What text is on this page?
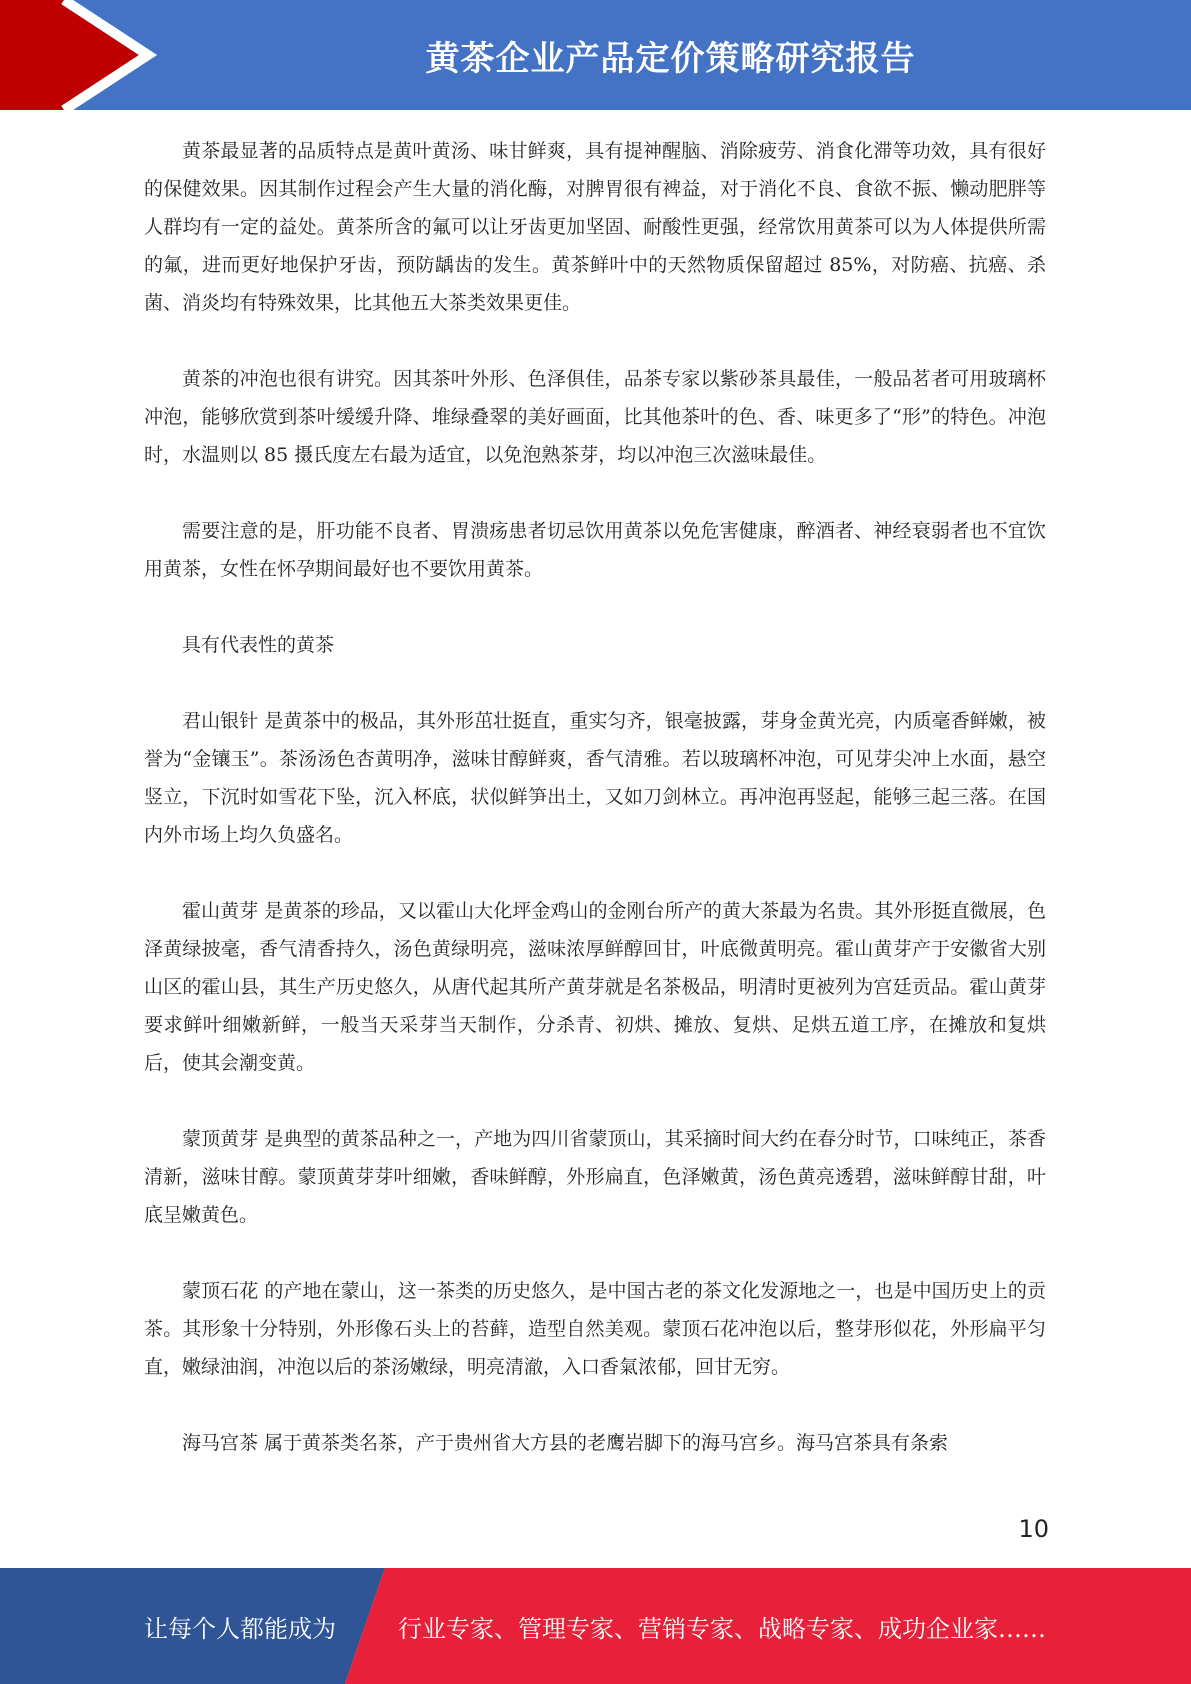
黄茶企业产品定价策略研究报告

黄茶最显著的品质特点是黄叶黄汤、味甘鲜爽，具有提神醒脑、消除疲劳、消食化滞等功效，具有很好的保健效果。因其制作过程会产生大量的消化酶，对脾胃很有裨益，对于消化不良、食欲不振、懒动肥胖等人群均有一定的益处。黄茶所含的氟可以让牙齿更加坚固、耐酸性更强，经常饮用黄茶可以为人体提供所需的氟，进而更好地保护牙齿，预防龋齿的发生。黄茶鲜叶中的天然物质保留超过 85%，对防癌、抗癌、杀菌、消炎均有特殊效果，比其他五大茶类效果更佳。

黄茶的冲泡也很有讲究。因其茶叶外形、色泽俱佳，品茶专家以紫砂茶具最佳，一般品茗者可用玻璃杯冲泡，能够欣赏到茶叶缓缓升降、堆绿叠翠的美好画面，比其他茶叶的色、香、味更多了“形”的特色。冲泡时，水温则以 85 摄氏度左右最为适宜，以免泡熟茶芽，均以冲泡三次滋味最佳。

需要注意的是，肝功能不良者、胃溃疡患者切忌饮用黄茶以免危害健康，醉酒者、神经衰弱者也不宜饮用黄茶，女性在怀孕期间最好也不要饮用黄茶。

具有代表性的黄茶

君山银针 是黄茶中的极品，其外形茁壮挺直，重实匀齐，银毫披露，芽身金黄光亮，内质毫香鲜嫩，被誉为“金镶玉”。茶汤汤色杏黄明净，滋味甘醇鲜爽，香气清雅。若以玻璃杯冲泡，可见芽尖冲上水面，悬空竖立，下沉时如雪花下坠，沉入杯底，状似鲜笋出土，又如刀剑林立。再冲泡再竖起，能够三起三落。在国内外市场上均久负盛名。

霍山黄芽 是黄茶的珍品，又以霍山大化坪金鸡山的金刚台所产的黄大茶最为名贵。其外形挺直微展，色泽黄绿披毫，香气清香持久，汤色黄绿明亮，滋味浓厚鲜醇回甘，叶底微黄明亮。霍山黄芽产于安徽省大别山区的霍山县，其生产历史悠久，从唐代起其所产黄芽就是名茶极品，明清时更被列为宫廷贡品。霍山黄芽要求鲜叶细嫩新鲜，一般当天采芽当天制作，分杀青、初烘、摊放、复烘、足烘五道工序，在摊放和复烘后，使其会潮变黄。

蒙顶黄芽 是典型的黄茶品种之一，产地为四川省蒙顶山，其采摘时间大约在春分时节，口味纯正，茶香清新，滋味甘醇。蒙顶黄芽芽叶细嫩，香味鲜醇，外形扁直，色泽嫩黄，汤色黄亮透碧，滋味鲜醇甘甜，叶底呈嫩黄色。

蒙顶石花 的产地在蒙山，这一茶类的历史悠久，是中国古老的茶文化发源地之一，也是中国历史上的贡茶。其形象十分特别，外形像石头上的苔藓，造型自然美观。蒙顶石花冲泡以后，整芽形似花，外形扁平匀直，嫩绿油润，冲泡以后的茶汤嫩绿，明亮清澈，入口香氣浓郁，回甘无穷。

海马宫茶 属于黄茶类名茶，产于贵州省大方县的老鹰岩脚下的海马宫乡。海马宫茶具有条索

10
让每个人都能成为	行业专家、管理专家、营销专家、战略专家、成功企业家……
